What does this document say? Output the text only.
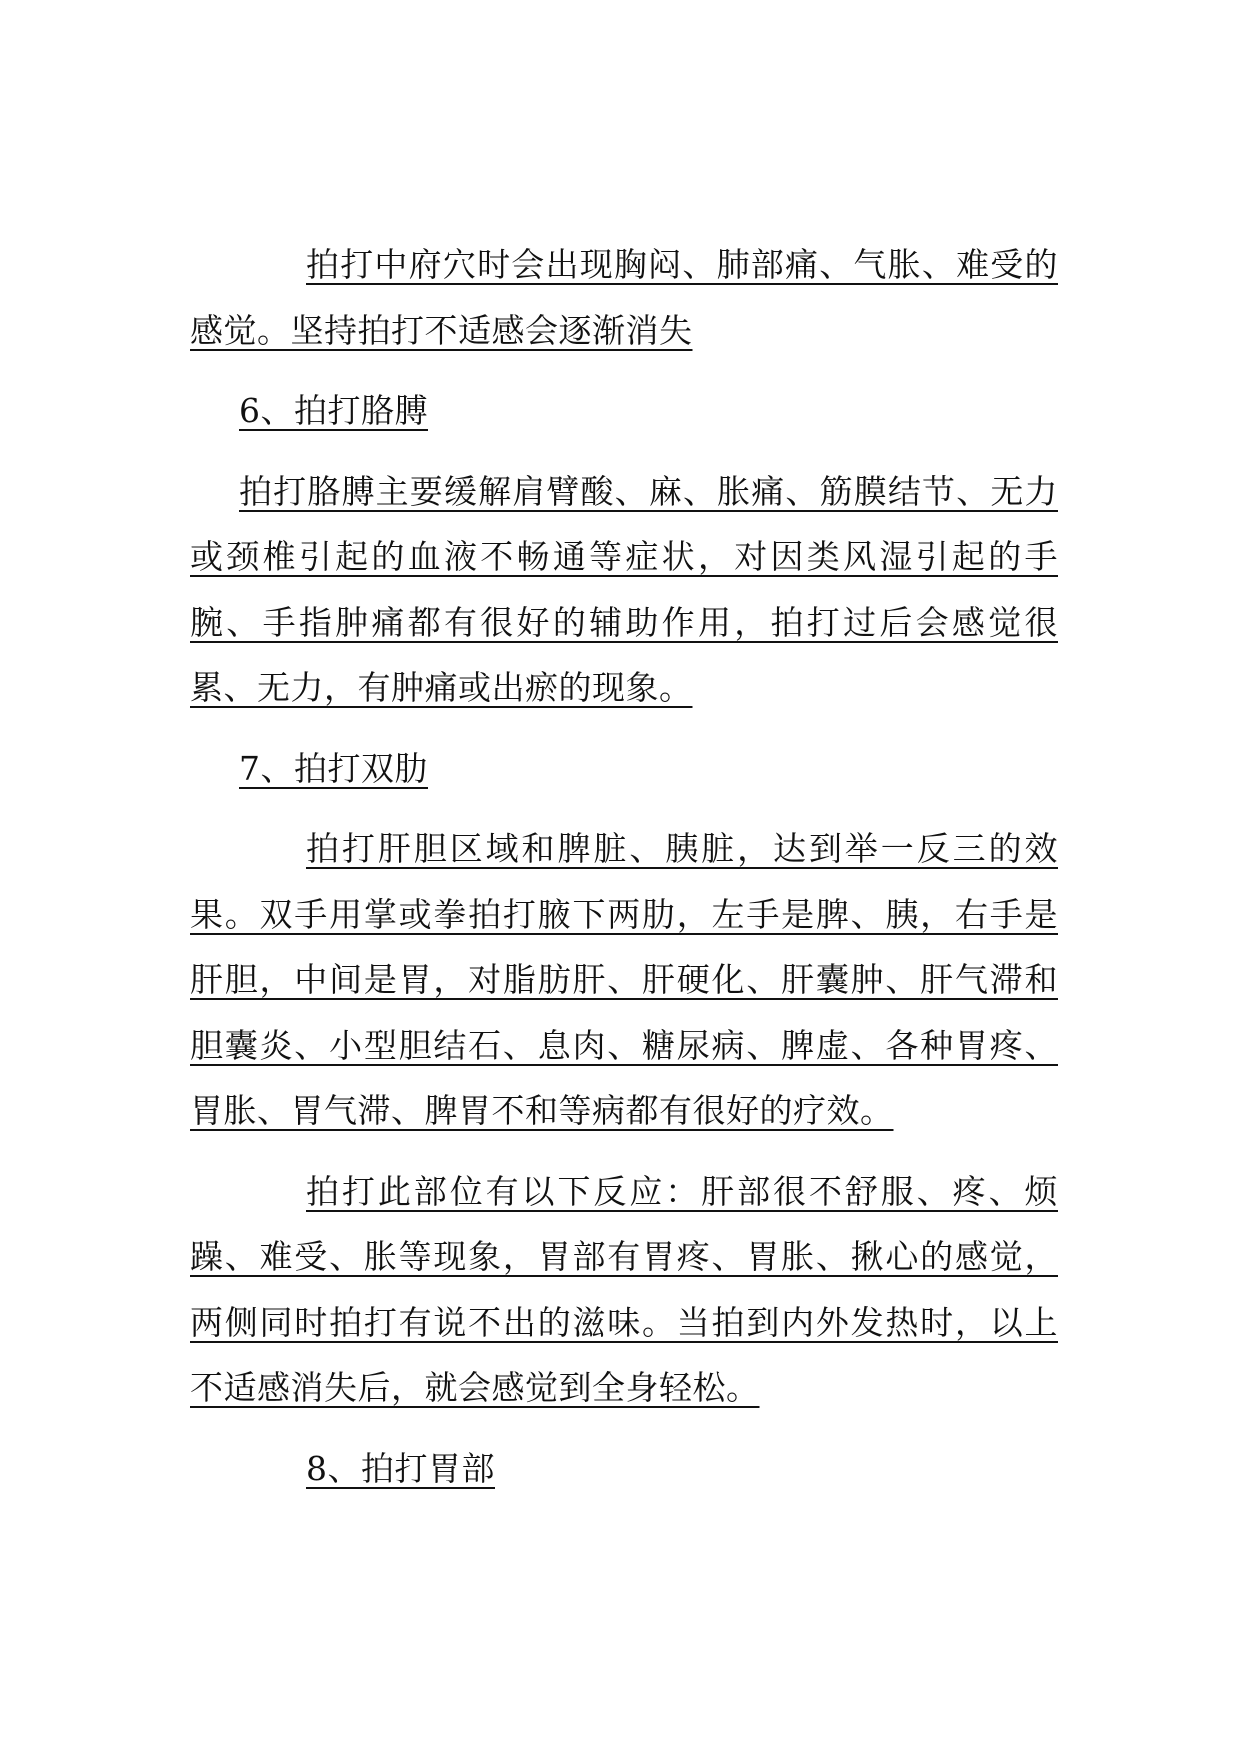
拍打中府穴时会出现胸闷、肺部痛、气胀、难受的感觉。坚持拍打不适感会逐渐消失

6、拍打胳膊

拍打胳膊主要缓解肩臂酸、麻、胀痛、筋膜结节、无力或颈椎引起的血液不畅通等症状，对因类风湿引起的手腕、手指肿痛都有很好的辅助作用，拍打过后会感觉很累、无力，有肿痛或出瘀的现象。

7、拍打双肋

拍打肝胆区域和脾脏、胰脏，达到举一反三的效果。双手用掌或拳拍打腋下两肋，左手是脾、胰，右手是肝胆，中间是胃，对脂肪肝、肝硬化、肝囊肿、肝气滞和胆囊炎、小型胆结石、息肉、糖尿病、脾虚、各种胃疼、胃胀、胃气滞、脾胃不和等病都有很好的疗效。

拍打此部位有以下反应：肝部很不舒服、疼、烦躁、难受、胀等现象，胃部有胃疼、胃胀、揪心的感觉，两侧同时拍打有说不出的滋味。当拍到内外发热时，以上不适感消失后，就会感觉到全身轻松。

8、拍打胃部
